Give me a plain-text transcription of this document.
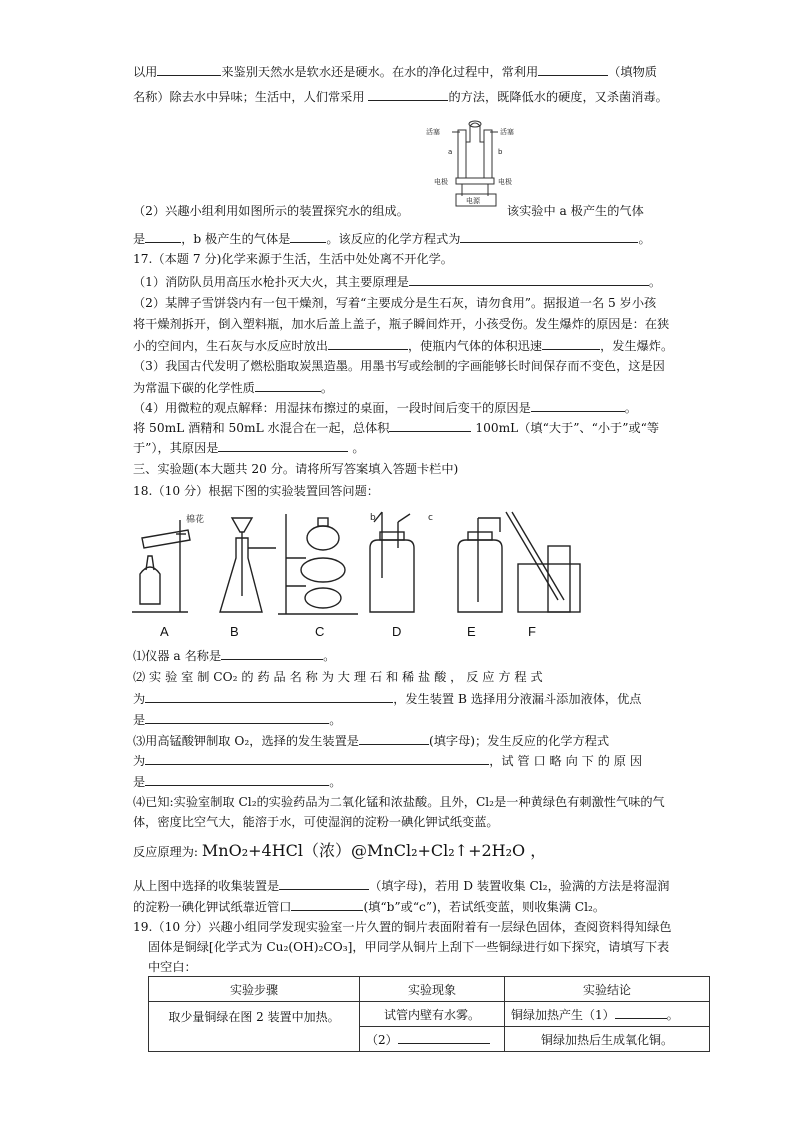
以用	来鉴别天然水是软水还是硬水。在水的净化过程中，常利用	（填物质
名称）除去水中异味；生活中，人们常采用	的方法，既降低水的硬度，又杀菌消毒。
活塞	活塞
a	b
电极	电极
电源
（2）兴趣小组利用如图所示的装置探究水的组成。	该实验中 a 极产生的气体
是	，b 极产生的气体是	。该反应的化学方程式为	。
17.（本题 7 分)化学来源于生活，生活中处处离不开化学。
（1）消防队员用高压水枪扑灭大火，其主要原理是	。
（2）某牌子雪饼袋内有一包干燥剂，写着“主要成分是生石灰，请勿食用”。据报道一名 5 岁小孩
将干燥剂拆开，倒入塑料瓶，加水后盖上盖子，瓶子瞬间炸开，小孩受伤。发生爆炸的原因是：在狭
小的空间内，生石灰与水反应时放出	，使瓶内气体的体积迅速	，发生爆炸。
（3）我国古代发明了燃松脂取炭黑造墨。用墨书写或绘制的字画能够长时间保存而不变色，这是因
为常温下碳的化学性质	。
（4）用微粒的观点解释：用湿抹布擦过的桌面，一段时间后变干的原因是	。
将 50mL 酒精和 50mL 水混合在一起，总体积	100mL（填“大于”、“小于”或“等
于”），其原因是	。
三、实验题(本大题共 20 分。请将所写答案填入答题卡栏中)
18.（10 分）根据下图的实验装置回答问题：
棉花	b	c
A	B	C	D	E	F
⑴仪器 a 名称是	。
⑵ 实 验 室 制 CO₂ 的 药 品 名 称 为 大 理 石 和 稀 盐 酸 ， 反 应 方 程 式
为	，发生装置 B 选择用分液漏斗添加液体，优点
是	。
⑶用高锰酸钾制取 O₂，选择的发生装置是	(填字母)；发生反应的化学方程式
为	，试 管 口 略 向 下 的 原 因
是	。
⑷已知:实验室制取 Cl₂的实验药品为二氧化锰和浓盐酸。且外，Cl₂是一种黄绿色有刺激性气味的气
体，密度比空气大，能溶于水，可使湿润的淀粉一碘化钾试纸变蓝。
反应原理为: MnO₂+4HCl（浓）@MnCl₂+Cl₂↑+2H₂O ，
从上图中选择的收集装置是	（填字母)，若用 D 装置收集 Cl₂，验满的方法是将湿润
的淀粉一碘化钾试纸靠近管口	(填“b”或“c”)，若试纸变蓝，则收集满 Cl₂。
19.（10 分）兴趣小组同学发现实验室一片久置的铜片表面附着有一层绿色固体，查阅资料得知绿色
固体是铜绿[化学式为 Cu₂(OH)₂CO₃]，甲同学从铜片上刮下一些铜绿进行如下探究，请填写下表
中空白：
实验步骤	实验现象	实验结论
取少量铜绿在图 2 装置中加热。	试管内壁有水雾。	铜绿加热产生（1） 。
	（2）	铜绿加热后生成氧化铜。
